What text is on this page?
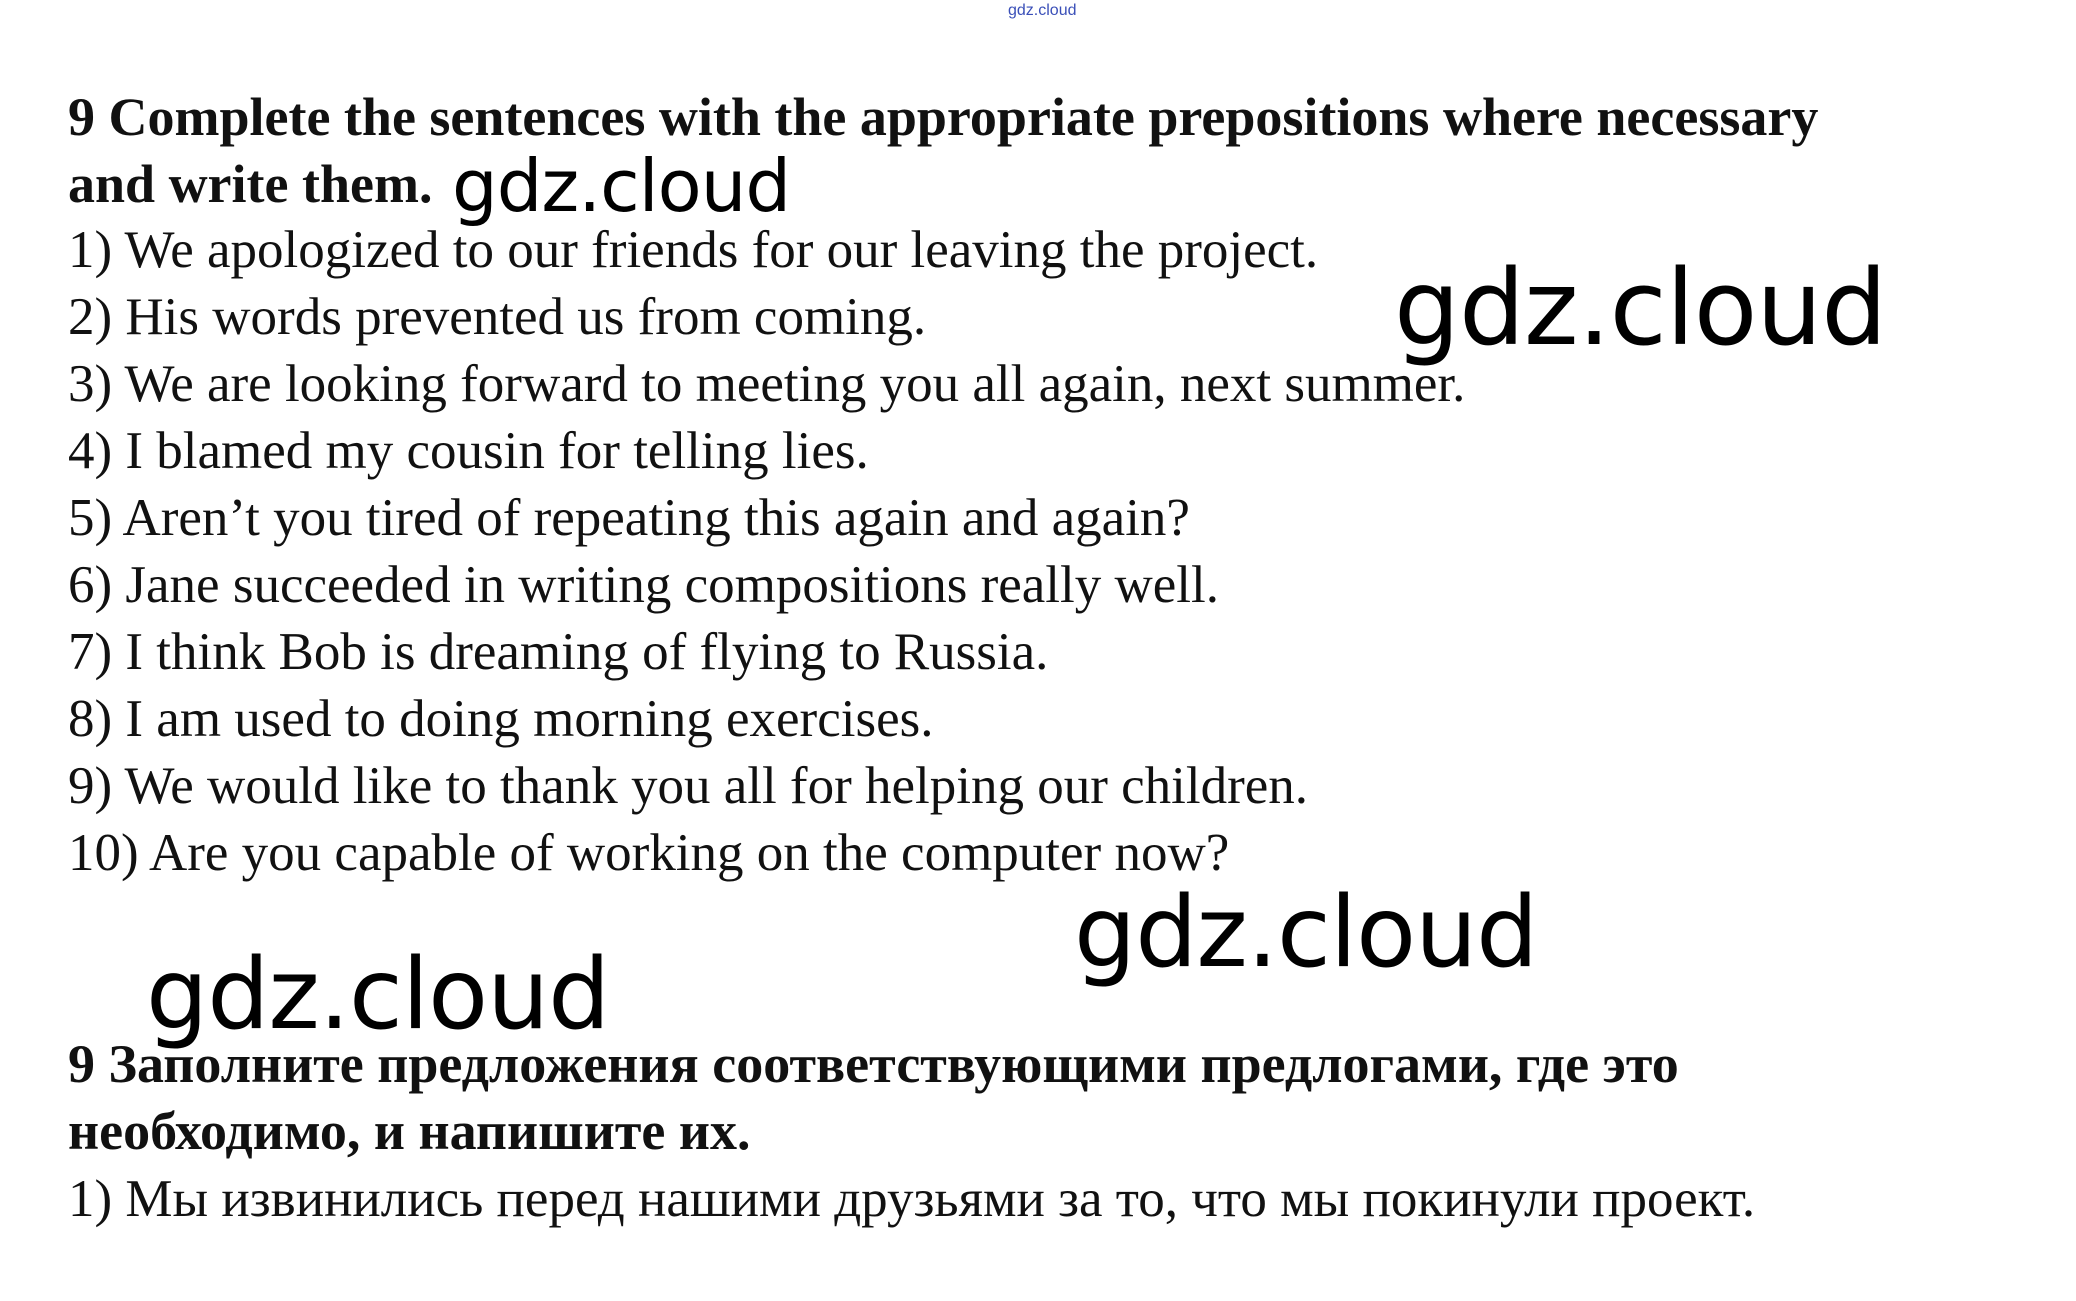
gdz.cloud
9 Complete the sentences with the appropriate prepositions where necessary
and write them.
1) We apologized to our friends for our leaving the project.
2) His words prevented us from coming.
3) We are looking forward to meeting you all again, next summer.
4) I blamed my cousin for telling lies.
5) Aren’t you tired of repeating this again and again?
6) Jane succeeded in writing compositions really well.
7) I think Bob is dreaming of flying to Russia.
8) I am used to doing morning exercises.
9) We would like to thank you all for helping our children.
10) Are you capable of working on the computer now?
9 Заполните предложения соответствующими предлогами, где это
необходимо, и напишите их.
1) Мы извинились перед нашими друзьями за то, что мы покинули проект.
gdz.cloud
gdz.cloud
gdz.cloud
gdz.cloud
